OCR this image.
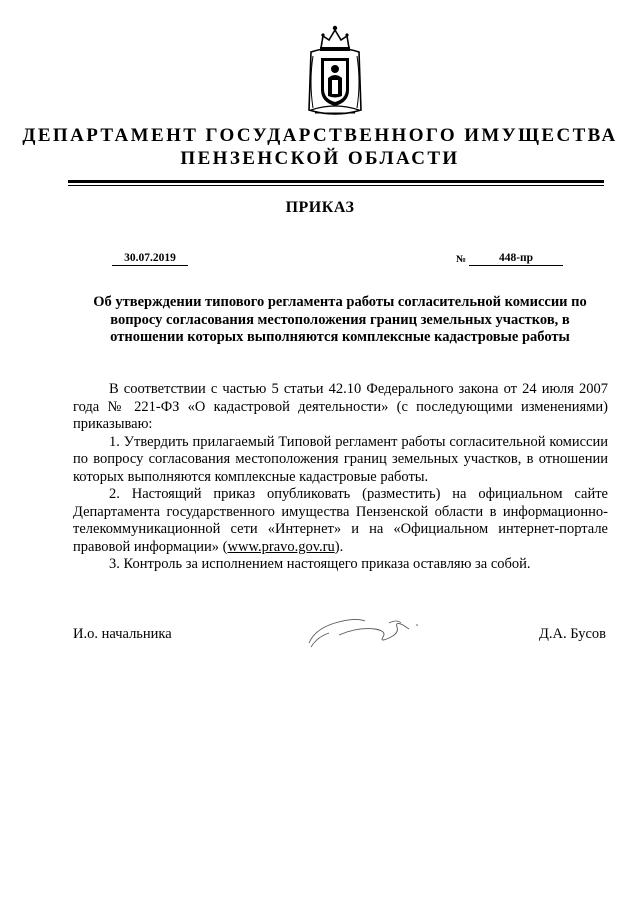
ДЕПАРТАМЕНТ ГОСУДАРСТВЕННОГО ИМУЩЕСТВА
ПЕНЗЕНСКОЙ ОБЛАСТИ
ПРИКАЗ
30.07.2019	№	448-пр
Об утверждении типового регламента работы согласительной комиссии по вопросу согласования местоположения границ земельных участков, в отношении которых выполняются комплексные кадастровые работы

В соответствии с частью 5 статьи 42.10 Федерального закона от 24 июля 2007 года № 221-ФЗ «О кадастровой деятельности» (с последующими изменениями) приказываю:

1. Утвердить прилагаемый Типовой регламент работы согласительной комиссии по вопросу согласования местоположения границ земельных участков, в отношении которых выполняются комплексные кадастровые работы.

2. Настоящий приказ опубликовать (разместить) на официальном сайте Департамента государственного имущества Пензенской области в информационно-телекоммуникационной сети «Интернет» и на «Официальном интернет-портале правовой информации» (www.pravo.gov.ru).

3. Контроль за исполнением настоящего приказа оставляю за собой.

И.о. начальника	Д.А. Бусов
